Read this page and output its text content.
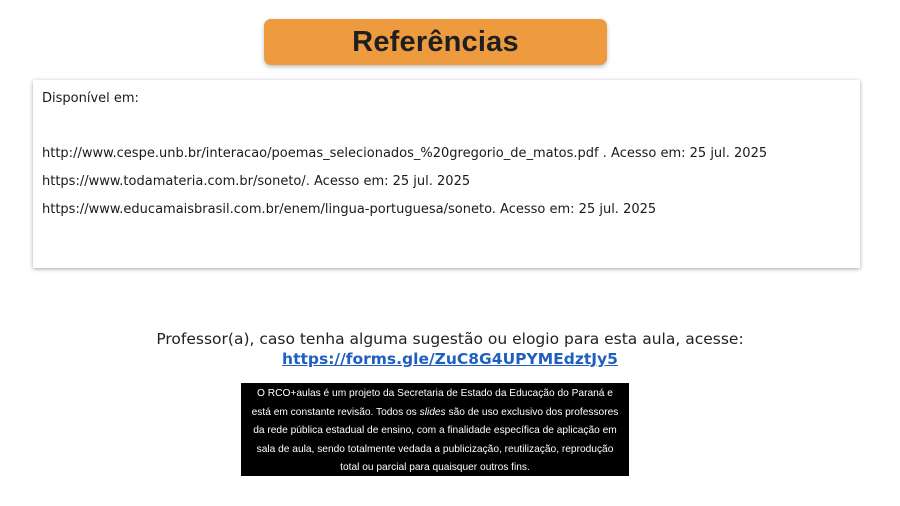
Referências

Disponível em:

http://www.cespe.unb.br/interacao/poemas_selecionados_%20gregorio_de_matos.pdf . Acesso em: 25 jul. 2025
https://www.todamateria.com.br/soneto/. Acesso em: 25 jul. 2025
https://www.educamaisbrasil.com.br/enem/lingua-portuguesa/soneto. Acesso em: 25 jul. 2025
Professor(a), caso tenha alguma sugestão ou elogio para esta aula, acesse:
https://forms.gle/ZuC8G4UPYMEdztJy5
O RCO+aulas é um projeto da Secretaria de Estado da Educação do Paraná e está em constante revisão. Todos os slides são de uso exclusivo dos professores da rede pública estadual de ensino, com a finalidade específica de aplicação em sala de aula, sendo totalmente vedada a publicização, reutilização, reprodução total ou parcial para quaisquer outros fins.
